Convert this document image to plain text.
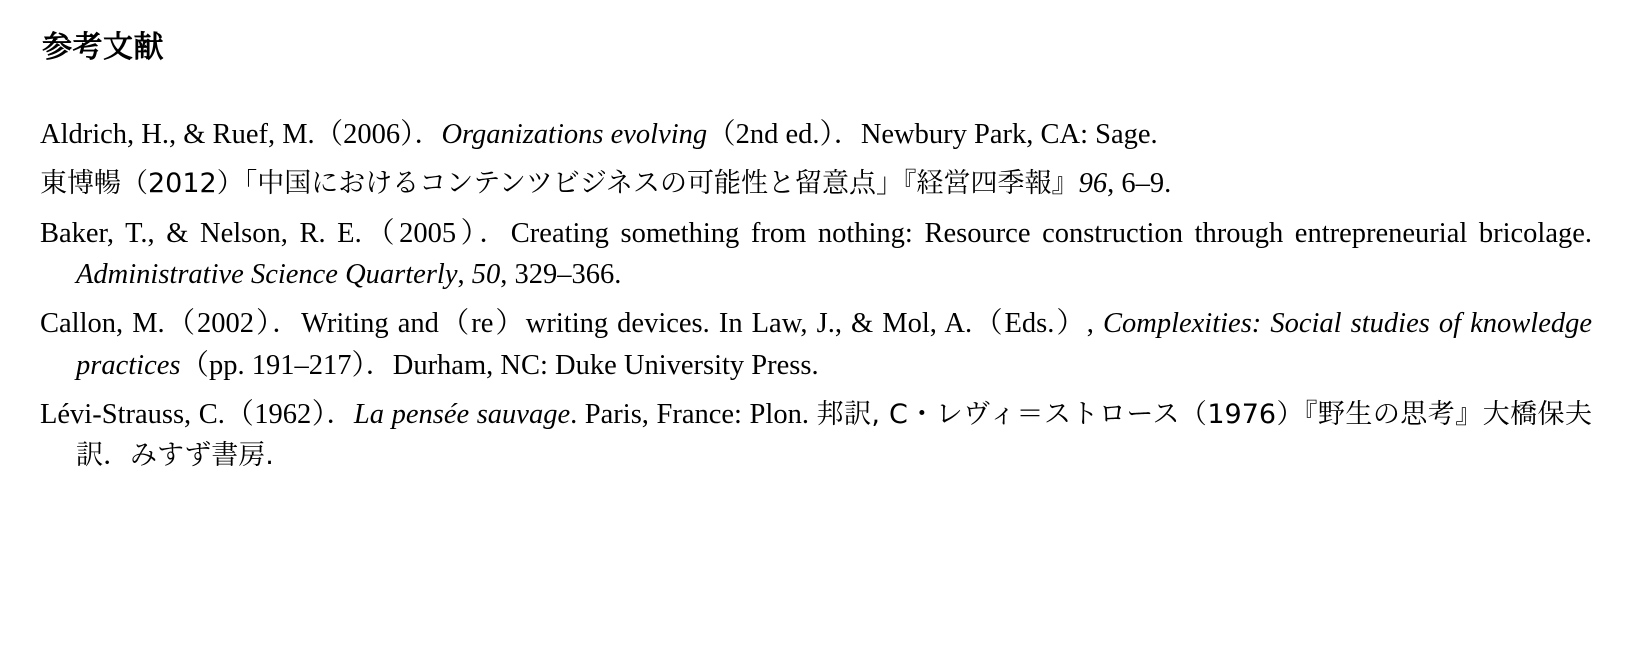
参考文献
Aldrich, H., & Ruef, M.（2006）．Organizations evolving（2nd ed.）．Newbury Park, CA: Sage.
東博暢（2012）「中国におけるコンテンツビジネスの可能性と留意点」『経営四季報』96, 6–9.
Baker, T., & Nelson, R. E.（2005）．Creating something from nothing: Resource construction through entrepreneurial bricolage. Administrative Science Quarterly, 50, 329–366.
Callon, M.（2002）．Writing and（re）writing devices. In Law, J., & Mol, A.（Eds.）, Complexities: Social studies of knowledge practices（pp. 191–217）．Durham, NC: Duke University Press.
Lévi-Strauss, C.（1962）．La pensée sauvage. Paris, France: Plon. 邦訳, C・レヴィ＝ストロース（1976）『野生の思考』大橋保夫 訳．みすず書房.
